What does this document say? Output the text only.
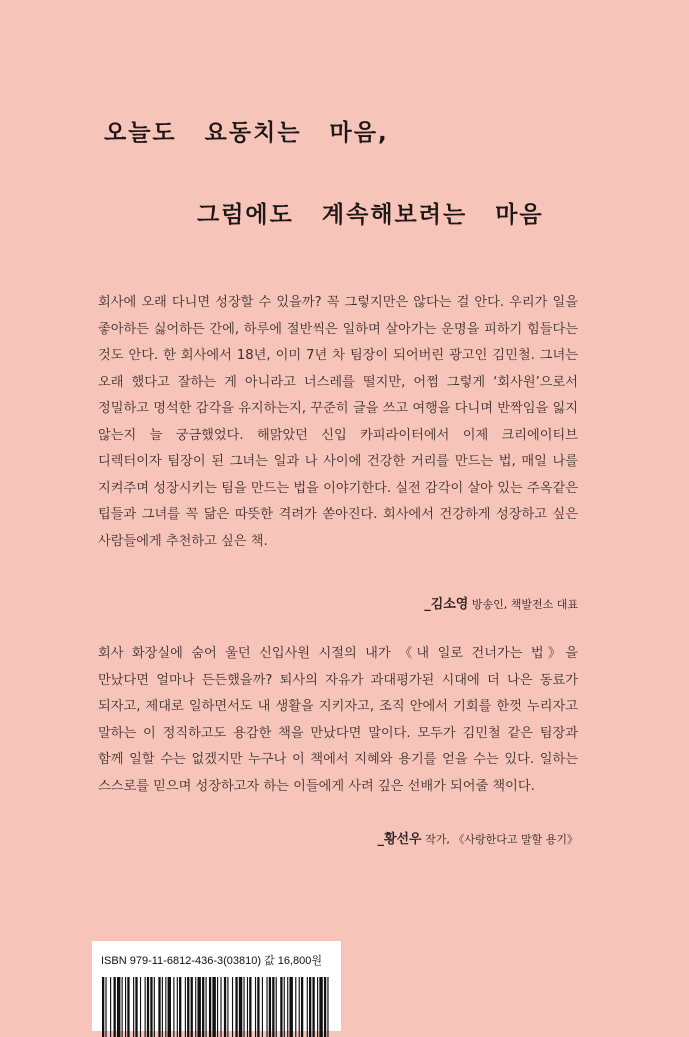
오늘도 요동치는 마음,
그럼에도 계속해보려는 마음

회사에 오래 다니면 성장할 수 있을까? 꼭 그렇지만은 않다는 걸 안다. 우리가 일을 좋아하든 싫어하든 간에, 하루에 절반씩은 일하며 살아가는 운명을 피하기 힘들다는 것도 안다. 한 회사에서 18년, 이미 7년 차 팀장이 되어버린 광고인 김민철. 그녀는 오래 했다고 잘하는 게 아니라고 너스레를 떨지만, 어쩜 그렇게 ‘회사원’으로서 정밀하고 명석한 감각을 유지하는지, 꾸준히 글을 쓰고 여행을 다니며 반짝임을 잃지 않는지 늘 궁금했었다. 해맑았던 신입 카피라이터에서 이제 크리에이티브 디렉터이자 팀장이 된 그녀는 일과 나 사이에 건강한 거리를 만드는 법, 매일 나를 지켜주며 성장시키는 팀을 만드는 법을 이야기한다. 실전 감각이 살아 있는 주옥같은 팁들과 그녀를 꼭 닮은 따뜻한 격려가 쏟아진다. 회사에서 건강하게 성장하고 싶은 사람들에게 추천하고 싶은 책.

_김소영 방송인, 책발전소 대표

회사 화장실에 숨어 울던 신입사원 시절의 내가 《내 일로 건너가는 법》을 만났다면 얼마나 든든했을까? 퇴사의 자유가 과대평가된 시대에 더 나은 동료가 되자고, 제대로 일하면서도 내 생활을 지키자고, 조직 안에서 기회를 한껏 누리자고 말하는 이 정직하고도 용감한 책을 만났다면 말이다. 모두가 김민철 같은 팀장과 함께 일할 수는 없겠지만 누구나 이 책에서 지혜와 용기를 얻을 수는 있다. 일하는 스스로를 믿으며 성장하고자 하는 이들에게 사려 깊은 선배가 되어줄 책이다.

_황선우 작가, 《사랑한다고 말할 용기》

ISBN 979-11-6812-436-3(03810) 값 16,800원
